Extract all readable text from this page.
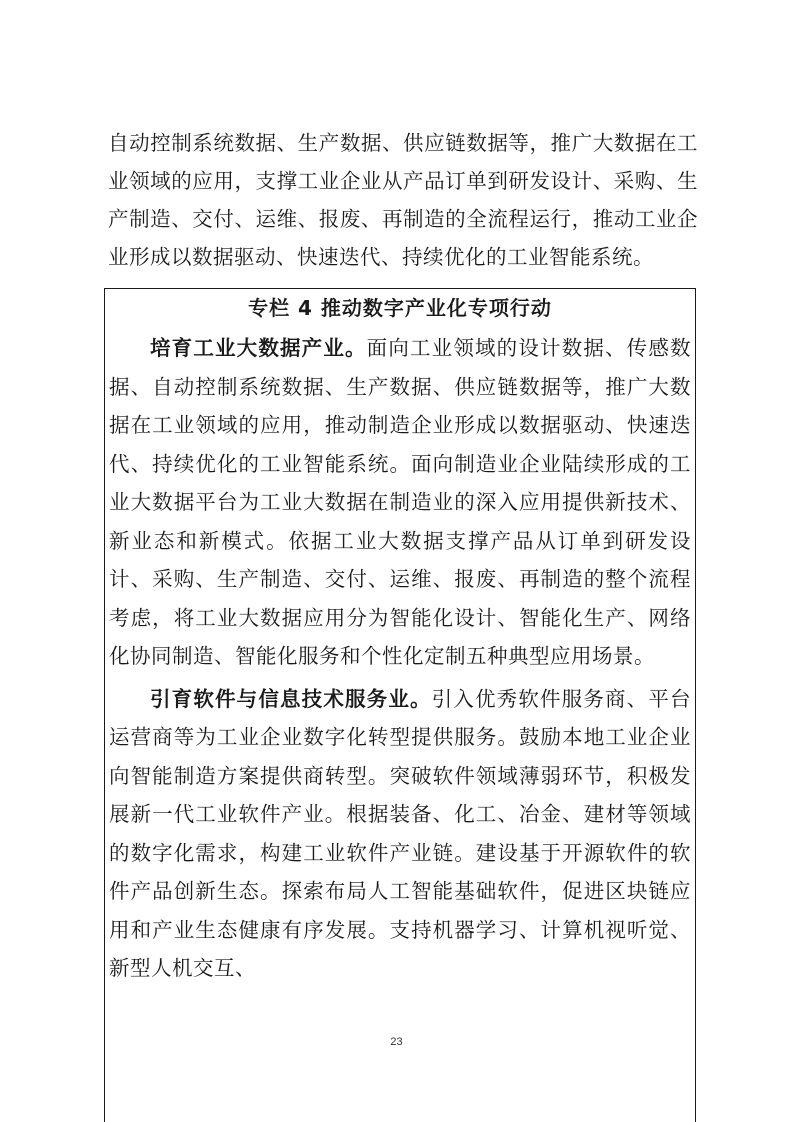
自动控制系统数据、生产数据、供应链数据等，推广大数据在工业领域的应用，支撑工业企业从产品订单到研发设计、采购、生产制造、交付、运维、报废、再制造的全流程运行，推动工业企业形成以数据驱动、快速迭代、持续优化的工业智能系统。

专栏 4 推动数字产业化专项行动

培育工业大数据产业。面向工业领域的设计数据、传感数据、自动控制系统数据、生产数据、供应链数据等，推广大数据在工业领域的应用，推动制造企业形成以数据驱动、快速迭代、持续优化的工业智能系统。面向制造业企业陆续形成的工业大数据平台为工业大数据在制造业的深入应用提供新技术、新业态和新模式。依据工业大数据支撑产品从订单到研发设计、采购、生产制造、交付、运维、报废、再制造的整个流程考虑，将工业大数据应用分为智能化设计、智能化生产、网络化协同制造、智能化服务和个性化定制五种典型应用场景。

引育软件与信息技术服务业。引入优秀软件服务商、平台运营商等为工业企业数字化转型提供服务。鼓励本地工业企业向智能制造方案提供商转型。突破软件领域薄弱环节，积极发展新一代工业软件产业。根据装备、化工、冶金、建材等领域的数字化需求，构建工业软件产业链。建设基于开源软件的软件产品创新生态。探索布局人工智能基础软件，促进区块链应用和产业生态健康有序发展。支持机器学习、计算机视听觉、新型人机交互、

23
